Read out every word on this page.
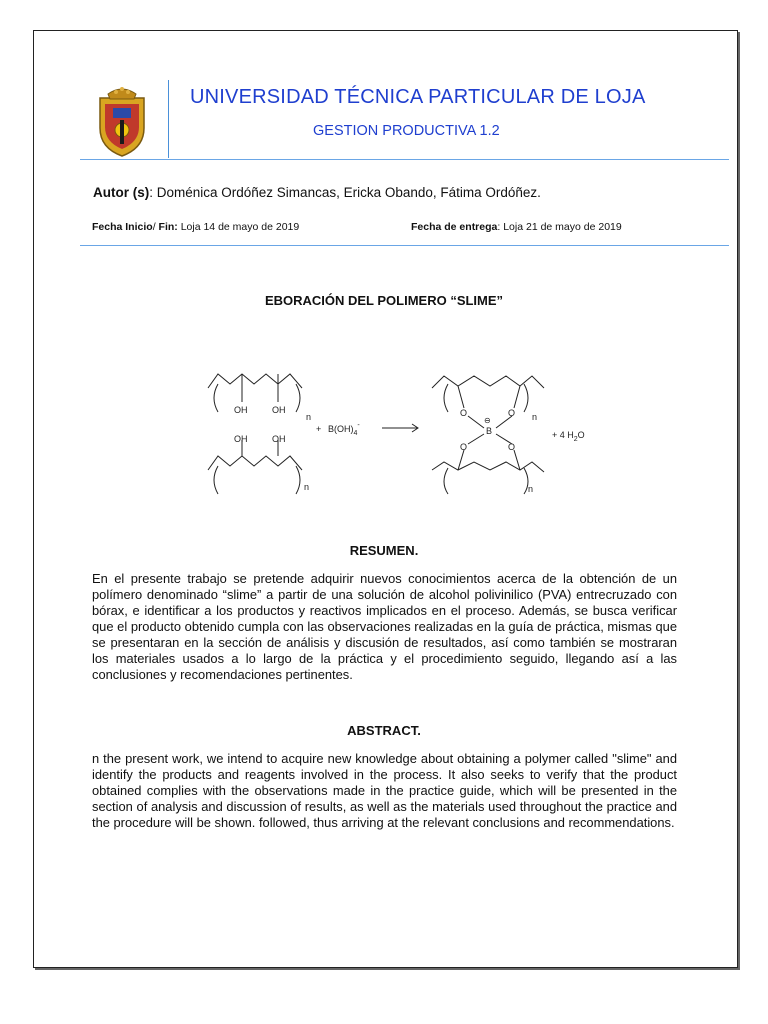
UNIVERSIDAD TÉCNICA PARTICULAR DE LOJA
GESTION PRODUCTIVA 1.2
Autor (s): Doménica Ordóñez Simancas, Ericka Obando, Fátima Ordóñez.
Fecha Inicio/ Fin: Loja 14 de mayo de 2019	Fecha de entrega: Loja 21 de mayo de 2019
EBORACIÓN DEL POLIMERO “SLIME”
OH	OH
n
OH	OH
n
+ $B(OH)_4^-$
O	O
⊖
B
O	O
n
n
+ 4 $H_2O$
RESUMEN.
En el presente trabajo se pretende adquirir nuevos conocimientos acerca de la obtención de un polímero denominado “slime” a partir de una solución de alcohol polivinilico (PVA) entrecruzado con bórax, e identificar a los productos y reactivos implicados en el proceso. Además, se busca verificar que el producto obtenido cumpla con las observaciones realizadas en la guía de práctica, mismas que se presentaran en la sección de análisis y discusión de resultados, así como también se mostraran los materiales usados a lo largo de la práctica y el procedimiento seguido, llegando así a las conclusiones y recomendaciones pertinentes.
ABSTRACT.
n the present work, we intend to acquire new knowledge about obtaining a polymer called "slime" and identify the products and reagents involved in the process. It also seeks to verify that the product obtained complies with the observations made in the practice guide, which will be presented in the section of analysis and discussion of results, as well as the materials used throughout the practice and the procedure will be shown. followed, thus arriving at the relevant conclusions and recommendations.
